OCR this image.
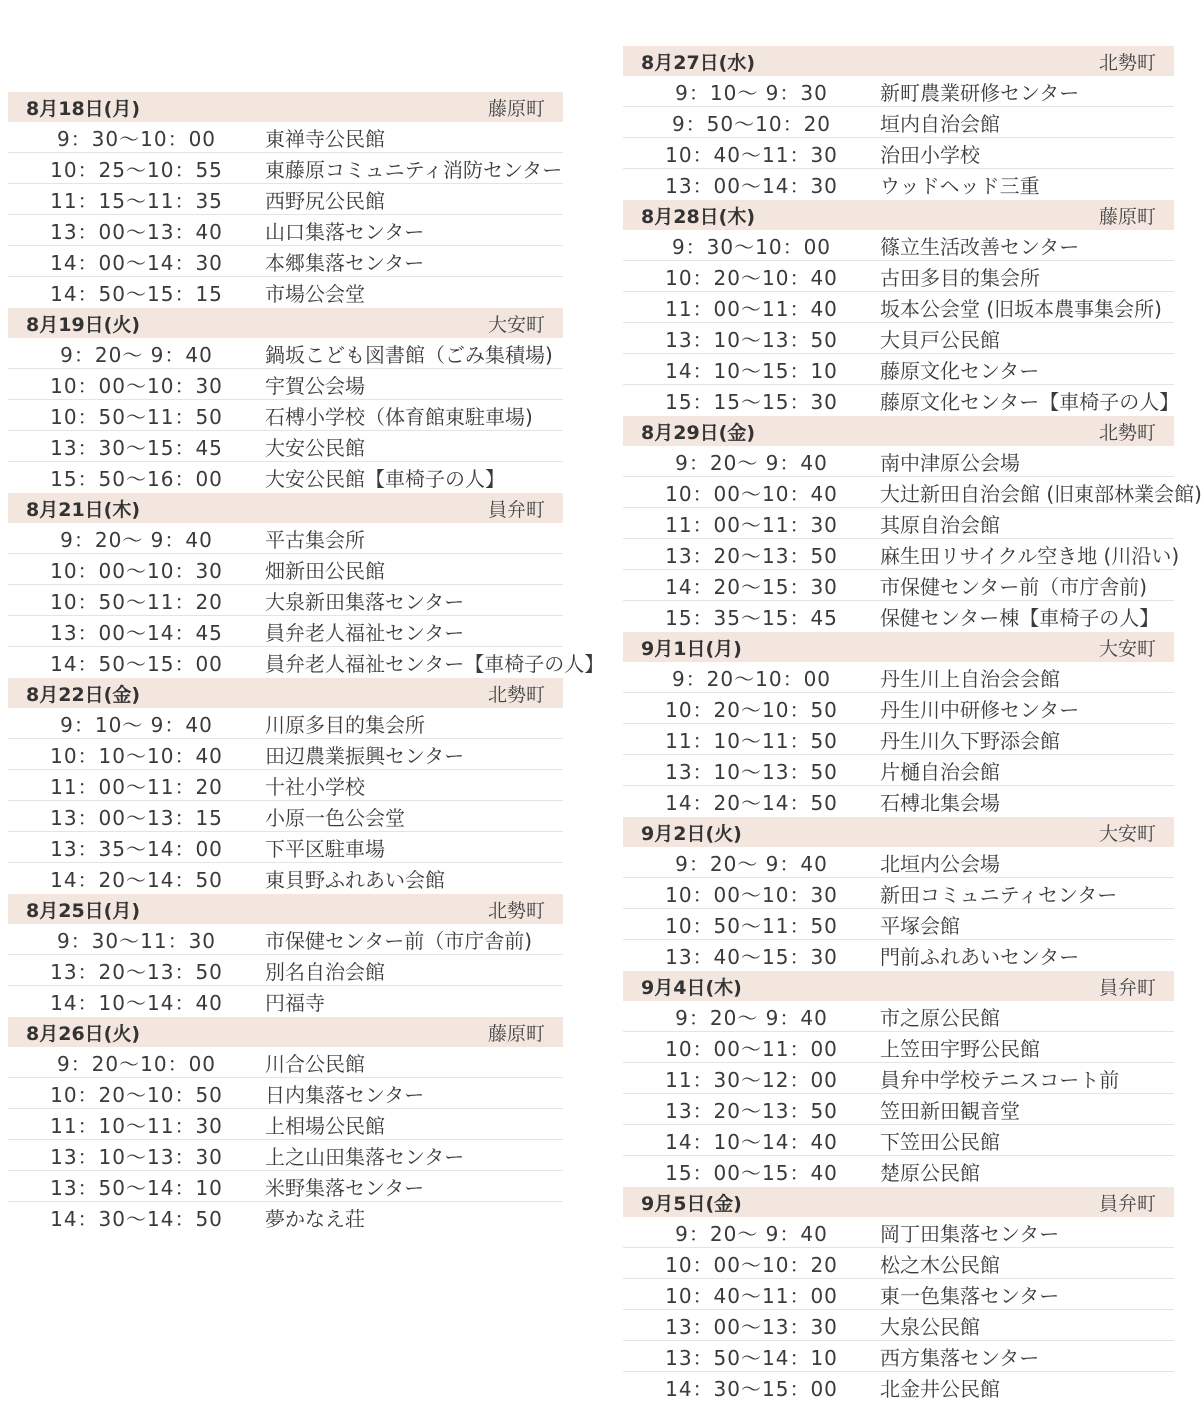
8月18日(月)	藤原町
9：30～10：00	東禅寺公民館
10：25～10：55	東藤原コミュニティ消防センター
11：15～11：35	西野尻公民館
13：00～13：40	山口集落センター
14：00～14：30	本郷集落センター
14：50～15：15	市場公会堂
8月19日(火)	大安町
9：20～ 9：40	鍋坂こども図書館（ごみ集積場)
10：00～10：30	宇賀公会場
10：50～11：50	石榑小学校（体育館東駐車場)
13：30～15：45	大安公民館
15：50～16：00	大安公民館【車椅子の人】
8月21日(木)	員弁町
9：20～ 9：40	平古集会所
10：00～10：30	畑新田公民館
10：50～11：20	大泉新田集落センター
13：00～14：45	員弁老人福祉センター
14：50～15：00	員弁老人福祉センター【車椅子の人】
8月22日(金)	北勢町
9：10～ 9：40	川原多目的集会所
10：10～10：40	田辺農業振興センター
11：00～11：20	十社小学校
13：00～13：15	小原一色公会堂
13：35～14：00	下平区駐車場
14：20～14：50	東貝野ふれあい会館
8月25日(月)	北勢町
9：30～11：30	市保健センター前（市庁舎前)
13：20～13：50	別名自治会館
14：10～14：40	円福寺
8月26日(火)	藤原町
9：20～10：00	川合公民館
10：20～10：50	日内集落センター
11：10～11：30	上相場公民館
13：10～13：30	上之山田集落センター
13：50～14：10	米野集落センター
14：30～14：50	夢かなえ荘
8月27日(水)	北勢町
9：10～ 9：30	新町農業研修センター
9：50～10：20	垣内自治会館
10：40～11：30	治田小学校
13：00～14：30	ウッドヘッド三重
8月28日(木)	藤原町
9：30～10：00	篠立生活改善センター
10：20～10：40	古田多目的集会所
11：00～11：40	坂本公会堂 (旧坂本農事集会所)
13：10～13：50	大貝戸公民館
14：10～15：10	藤原文化センター
15：15～15：30	藤原文化センター【車椅子の人】
8月29日(金)	北勢町
9：20～ 9：40	南中津原公会場
10：00～10：40	大辻新田自治会館 (旧東部林業会館)
11：00～11：30	其原自治会館
13：20～13：50	麻生田リサイクル空き地 (川沿い)
14：20～15：30	市保健センター前（市庁舎前)
15：35～15：45	保健センター棟【車椅子の人】
9月1日(月)	大安町
9：20～10：00	丹生川上自治会会館
10：20～10：50	丹生川中研修センター
11：10～11：50	丹生川久下野添会館
13：10～13：50	片樋自治会館
14：20～14：50	石榑北集会場
9月2日(火)	大安町
9：20～ 9：40	北垣内公会場
10：00～10：30	新田コミュニティセンター
10：50～11：50	平塚会館
13：40～15：30	門前ふれあいセンター
9月4日(木)	員弁町
9：20～ 9：40	市之原公民館
10：00～11：00	上笠田宇野公民館
11：30～12：00	員弁中学校テニスコート前
13：20～13：50	笠田新田観音堂
14：10～14：40	下笠田公民館
15：00～15：40	楚原公民館
9月5日(金)	員弁町
9：20～ 9：40	岡丁田集落センター
10：00～10：20	松之木公民館
10：40～11：00	東一色集落センター
13：00～13：30	大泉公民館
13：50～14：10	西方集落センター
14：30～15：00	北金井公民館
